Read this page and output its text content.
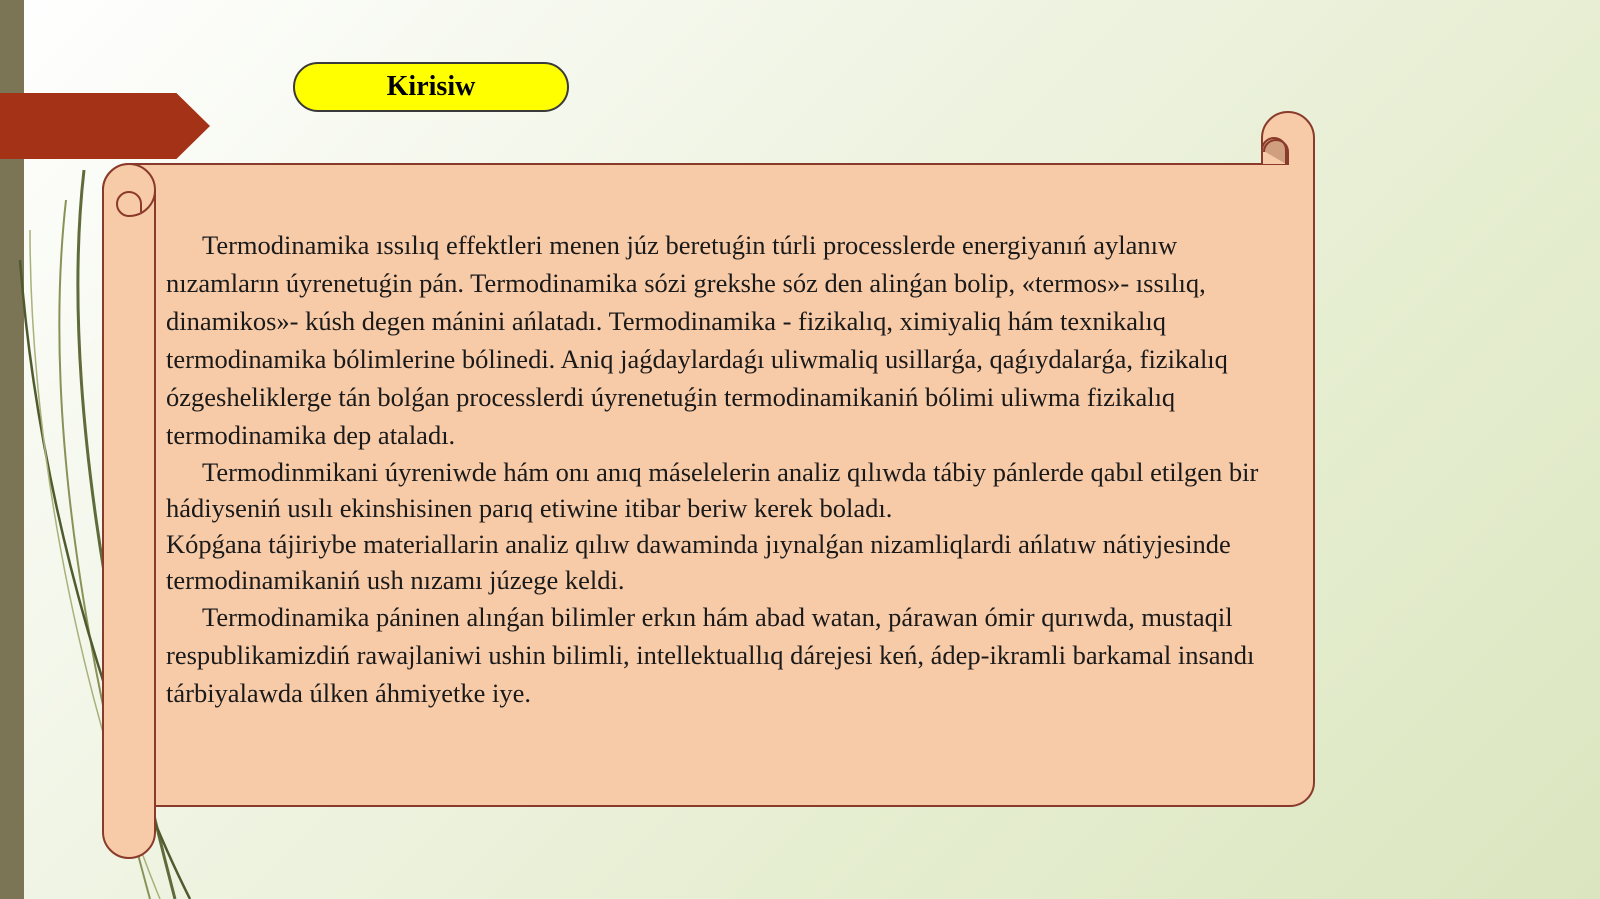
Kirisiw

Termodinamika ıssılıq effektleri menen júz beretuǵin túrli processlerde energiyanıń aylanıw nızamların úyrenetuǵin pán. Termodinamika sózi grekshe sóz den alinǵan bolip, «termos»- ıssılıq, dinamikos»- kúsh degen mánini ańlatadı. Termodinamika - fizikalıq, ximiyaliq hám texnikalıq termodinamika bólimlerine bólinedi. Aniq jaǵdaylardaǵı uliwmaliq usillarǵa, qaǵıydalarǵa, fizikalıq ózgesheliklerge tán bolǵan processlerdi úyrenetuǵin termodinamikaniń bólimi uliwma fizikalıq termodinamika dep ataladı.

Termodinmikani úyreniwde hám onı anıq máselelerin analiz qılıwda tábiy pánlerde qabıl etilgen bir hádiyseniń usılı ekinshisinen parıq etiwine itibar beriw kerek boladı.

Kópǵana tájiriybe materiallarin analiz qılıw dawaminda jıynalǵan nizamliqlardi ańlatıw nátiyjesinde termodinamikaniń ush nızamı júzege keldi.

Termodinamika páninen alınǵan bilimler erkın hám abad watan, párawan ómir qurıwda, mustaqil respublikamizdiń rawajlaniwi ushin bilimli, intellektuallıq dárejesi keń, ádep-ikramli barkamal insandı tárbiyalawda úlken áhmiyetke iye.
